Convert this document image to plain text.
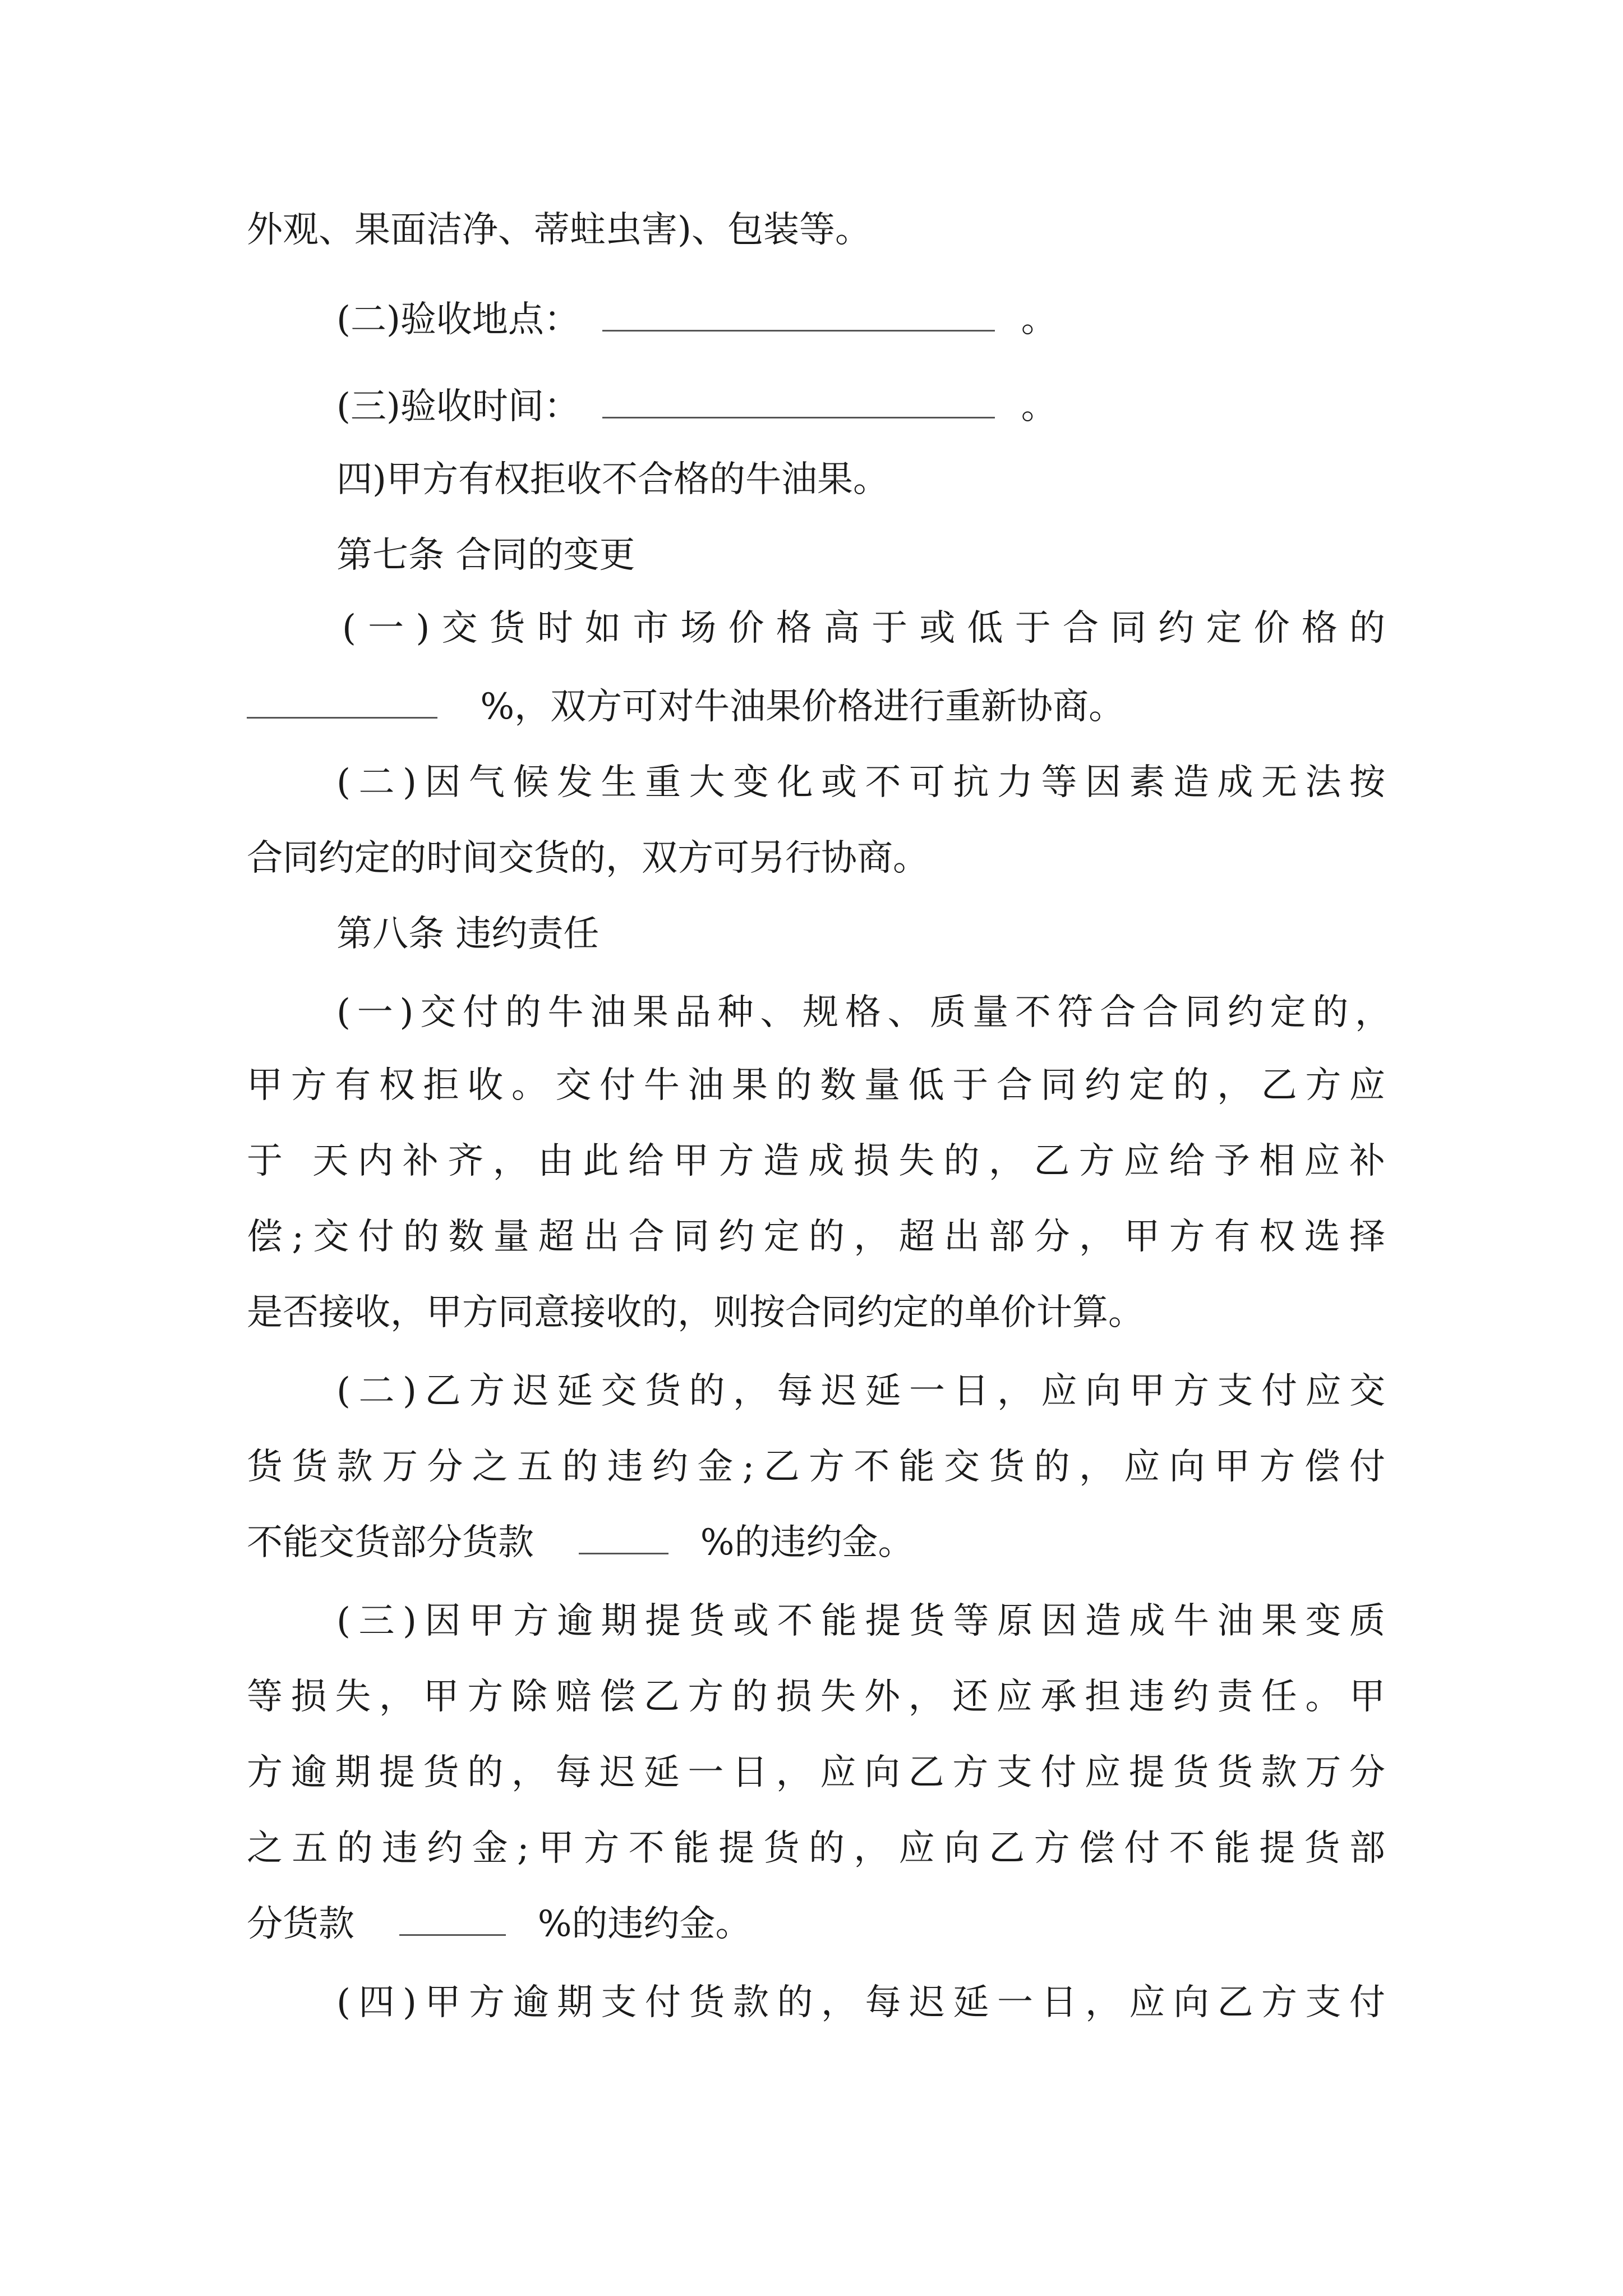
外观、果面洁净、蒂蛀虫害)、包装等。
(二)验收地点：	。
(三)验收时间：	。
四)甲方有权拒收不合格的牛油果。
第七条 合同的变更
(一)交货时如市场价格高于或低于合同约定价格的
%，双方可对牛油果价格进行重新协商。
(二)因气候发生重大变化或不可抗力等因素造成无法按
合同约定的时间交货的，双方可另行协商。
第八条 违约责任
(一)交付的牛油果品种、规格、质量不符合合同约定的，
甲方有权拒收。交付牛油果的数量低于合同约定的，乙方应
于 天内补齐，由此给甲方造成损失的，乙方应给予相应补
偿;交付的数量超出合同约定的，超出部分，甲方有权选择
是否接收，甲方同意接收的，则按合同约定的单价计算。
(二)乙方迟延交货的，每迟延一日，应向甲方支付应交
货货款万分之五的违约金;乙方不能交货的，应向甲方偿付
不能交货部分货款	%的违约金。
(三)因甲方逾期提货或不能提货等原因造成牛油果变质
等损失，甲方除赔偿乙方的损失外，还应承担违约责任。甲
方逾期提货的，每迟延一日，应向乙方支付应提货货款万分
之五的违约金;甲方不能提货的，应向乙方偿付不能提货部
分货款	%的违约金。
(四)甲方逾期支付货款的，每迟延一日，应向乙方支付
